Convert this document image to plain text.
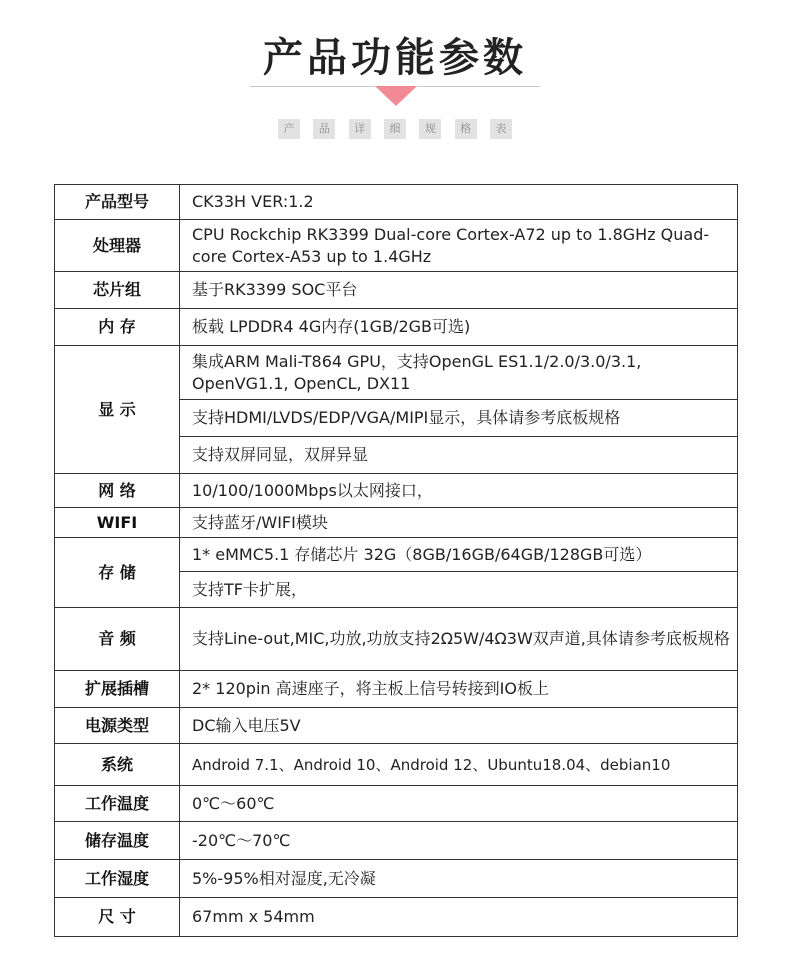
产品功能参数
产	品	详	细	规	格	表
产品型号	CK33H VER:1.2
处理器	CPU Rockchip RK3399 Dual-core Cortex-A72 up to 1.8GHz Quad-core Cortex-A53 up to 1.4GHz
芯片组	基于RK3399 SOC平台
内 存	板载 LPDDR4 4G内存(1GB/2GB可选)
显 示	集成ARM Mali-T864 GPU，支持OpenGL ES1.1/2.0/3.0/3.1, OpenVG1.1, OpenCL, DX11
	支持HDMI/LVDS/EDP/VGA/MIPI显示，具体请参考底板规格
	支持双屏同显，双屏异显
网 络	10/100/1000Mbps以太网接口，
WIFI	支持蓝牙/WIFI模块
存 储	1* eMMC5.1 存储芯片 32G（8GB/16GB/64GB/128GB可选）
	支持TF卡扩展，
音 频	支持Line-out,MIC,功放,功放支持2Ω5W/4Ω3W双声道,具体请参考底板规格
扩展插槽	2* 120pin 高速座子，将主板上信号转接到IO板上
电源类型	DC输入电压5V
系统	Android 7.1、Android 10、Android 12、Ubuntu18.04、debian10
工作温度	0℃～60℃
储存温度	-20℃～70℃
工作湿度	5%-95%相对湿度,无冷凝
尺 寸	67mm x 54mm
